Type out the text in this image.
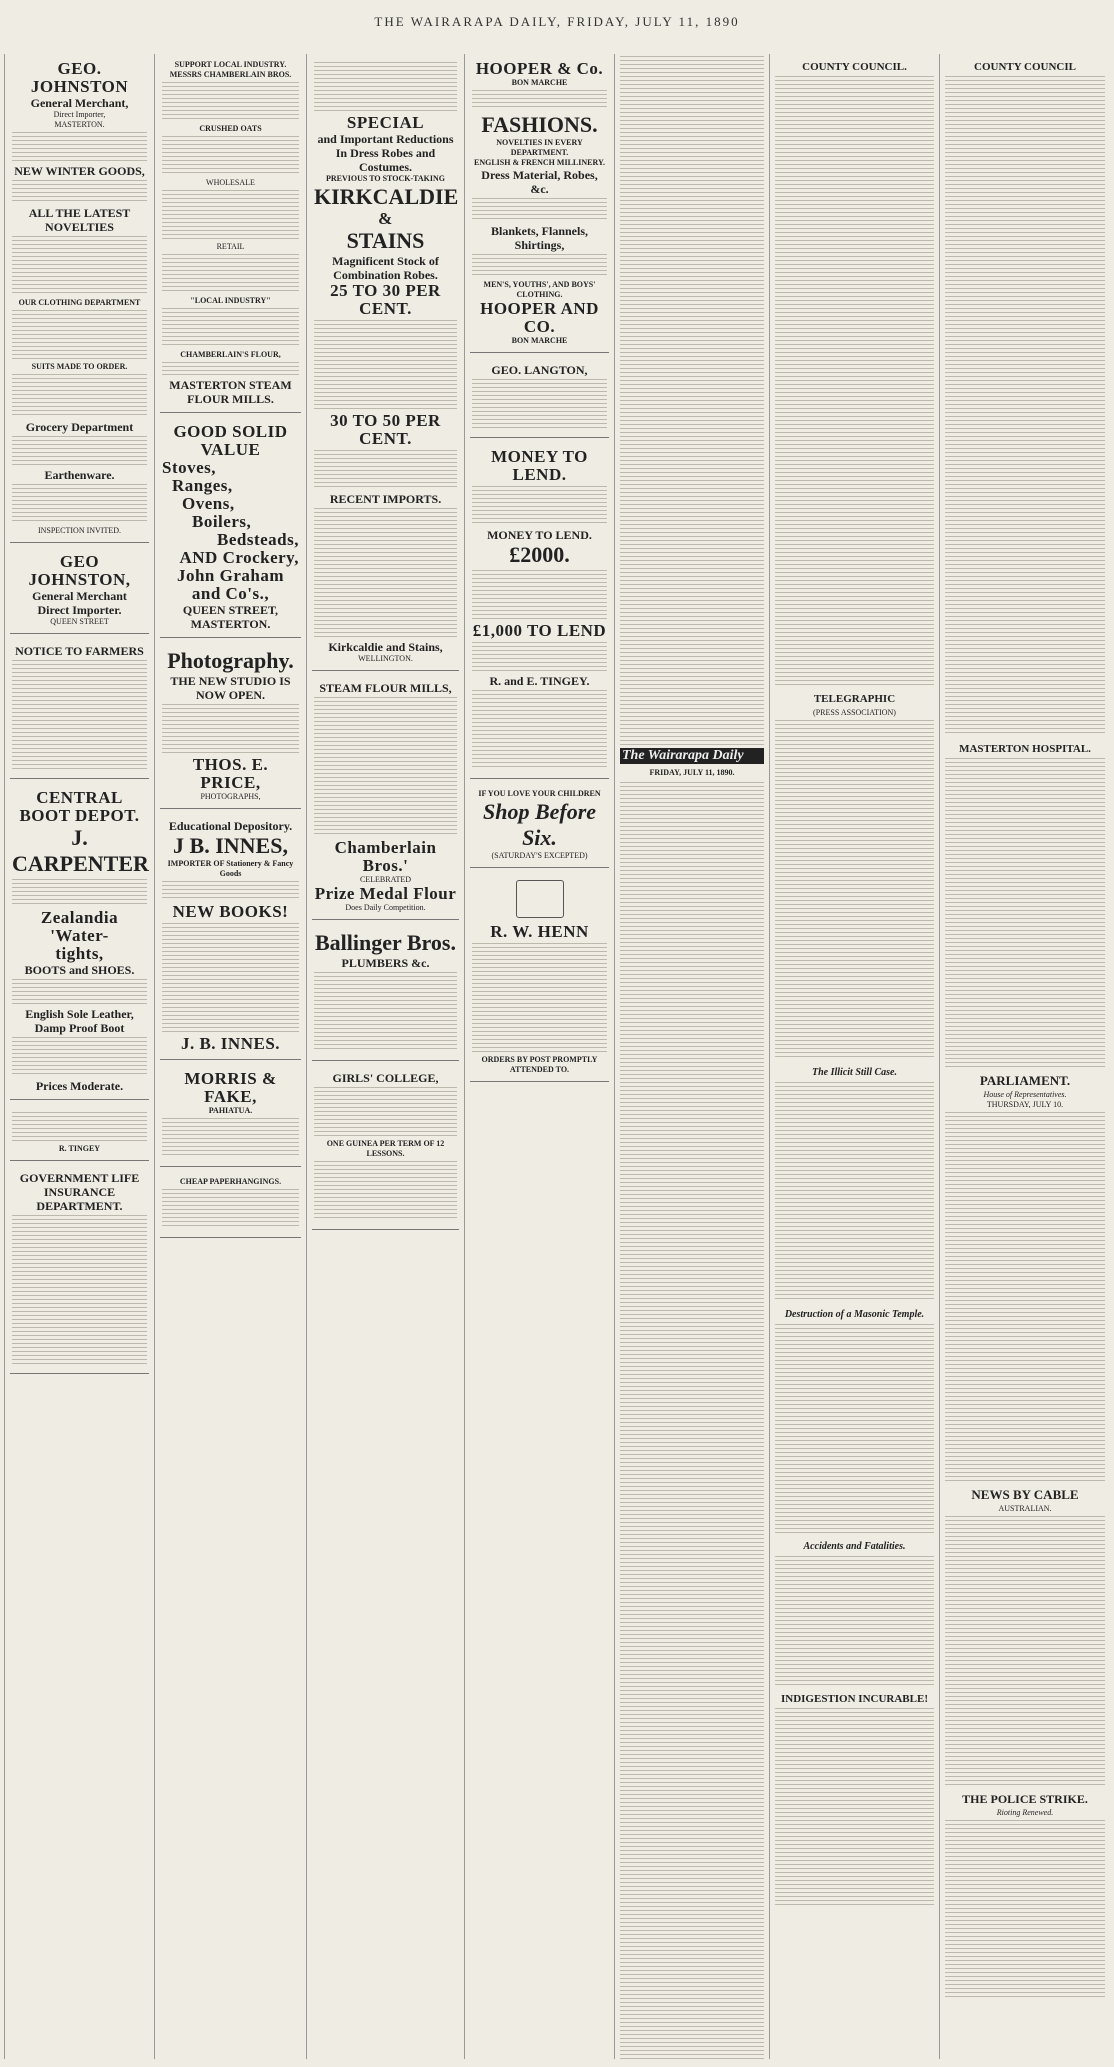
THE WAIRARAPA DAILY, FRIDAY, JULY 11, 1890
GEO. JOHNSTON
General Merchant,
Direct Importer,
MASTERTON.
NEW WINTER GOODS,
ALL THE LATEST NOVELTIES
OUR CLOTHING DEPARTMENT
SUITS MADE TO ORDER.
Grocery Department
Earthenware.
INSPECTION INVITED.
GEO JOHNSTON,
General Merchant
Direct Importer.
QUEEN STREET
NOTICE TO FARMERS
CENTRAL
BOOT DEPOT.
J. CARPENTER
Zealandia 'Water-
tights,
BOOTS and SHOES.
English Sole Leather,
Damp Proof Boot
Prices Moderate.
R. TINGEY
GOVERNMENT LIFE INSURANCE DEPARTMENT.
SUPPORT LOCAL INDUSTRY.
MESSRS CHAMBERLAIN BROS.
CRUSHED OATS
WHOLESALE
RETAIL
"LOCAL INDUSTRY"
CHAMBERLAIN'S FLOUR,
MASTERTON STEAM FLOUR MILLS.
GOOD SOLID VALUE
Stoves,
Ranges,
Ovens,
Boilers,
Bedsteads,
AND Crockery,
John Graham and Co's.,
QUEEN STREET,
MASTERTON.
Photography.
THE NEW STUDIO IS NOW OPEN.
THOS. E. PRICE,
PHOTOGRAPHS,
Educational Depository.
J B. INNES,
IMPORTER OF Stationery & Fancy Goods
NEW BOOKS!
J. B. INNES.
MORRIS & FAKE,
PAHIATUA.
CHEAP PAPERHANGINGS.
SPECIAL
and Important Reductions
In Dress Robes and Costumes.
PREVIOUS TO STOCK-TAKING
KIRKCALDIE
&
STAINS
Magnificent Stock of Combination Robes.
25 TO 30 PER CENT.
30 TO 50 PER CENT.
RECENT IMPORTS.
Kirkcaldie and Stains,
WELLINGTON.
STEAM FLOUR MILLS,
Chamberlain Bros.'
CELEBRATED
Prize Medal Flour
Does Daily Competition.
Ballinger Bros.
PLUMBERS &c.
GIRLS' COLLEGE,
ONE GUINEA PER TERM OF 12 LESSONS.
HOOPER & Co.
BON MARCHE
FASHIONS.
NOVELTIES IN EVERY DEPARTMENT.
ENGLISH & FRENCH MILLINERY.
Dress Material, Robes, &c.
Blankets, Flannels, Shirtings,
MEN'S, YOUTHS', AND BOYS' CLOTHING.
HOOPER AND CO.
BON MARCHE
GEO. LANGTON,
MONEY TO LEND.
MONEY TO LEND.
£2000.
£1,000 TO LEND
R. and E. TINGEY.
IF YOU LOVE YOUR CHILDREN
Shop Before Six.
(SATURDAY'S EXCEPTED)
R. W. HENN
ORDERS BY POST PROMPTLY ATTENDED TO.
The Wairarapa Daily
FRIDAY, JULY 11, 1890.
COUNTY COUNCIL.
TELEGRAPHIC
(PRESS ASSOCIATION)
The Illicit Still Case.
Destruction of a Masonic Temple.
Accidents and Fatalities.
INDIGESTION INCURABLE!
COUNTY COUNCIL
MASTERTON HOSPITAL.
PARLIAMENT.
House of Representatives.
THURSDAY, JULY 10.
NEWS BY CABLE
AUSTRALIAN.
THE POLICE STRIKE.
Rioting Renewed.
